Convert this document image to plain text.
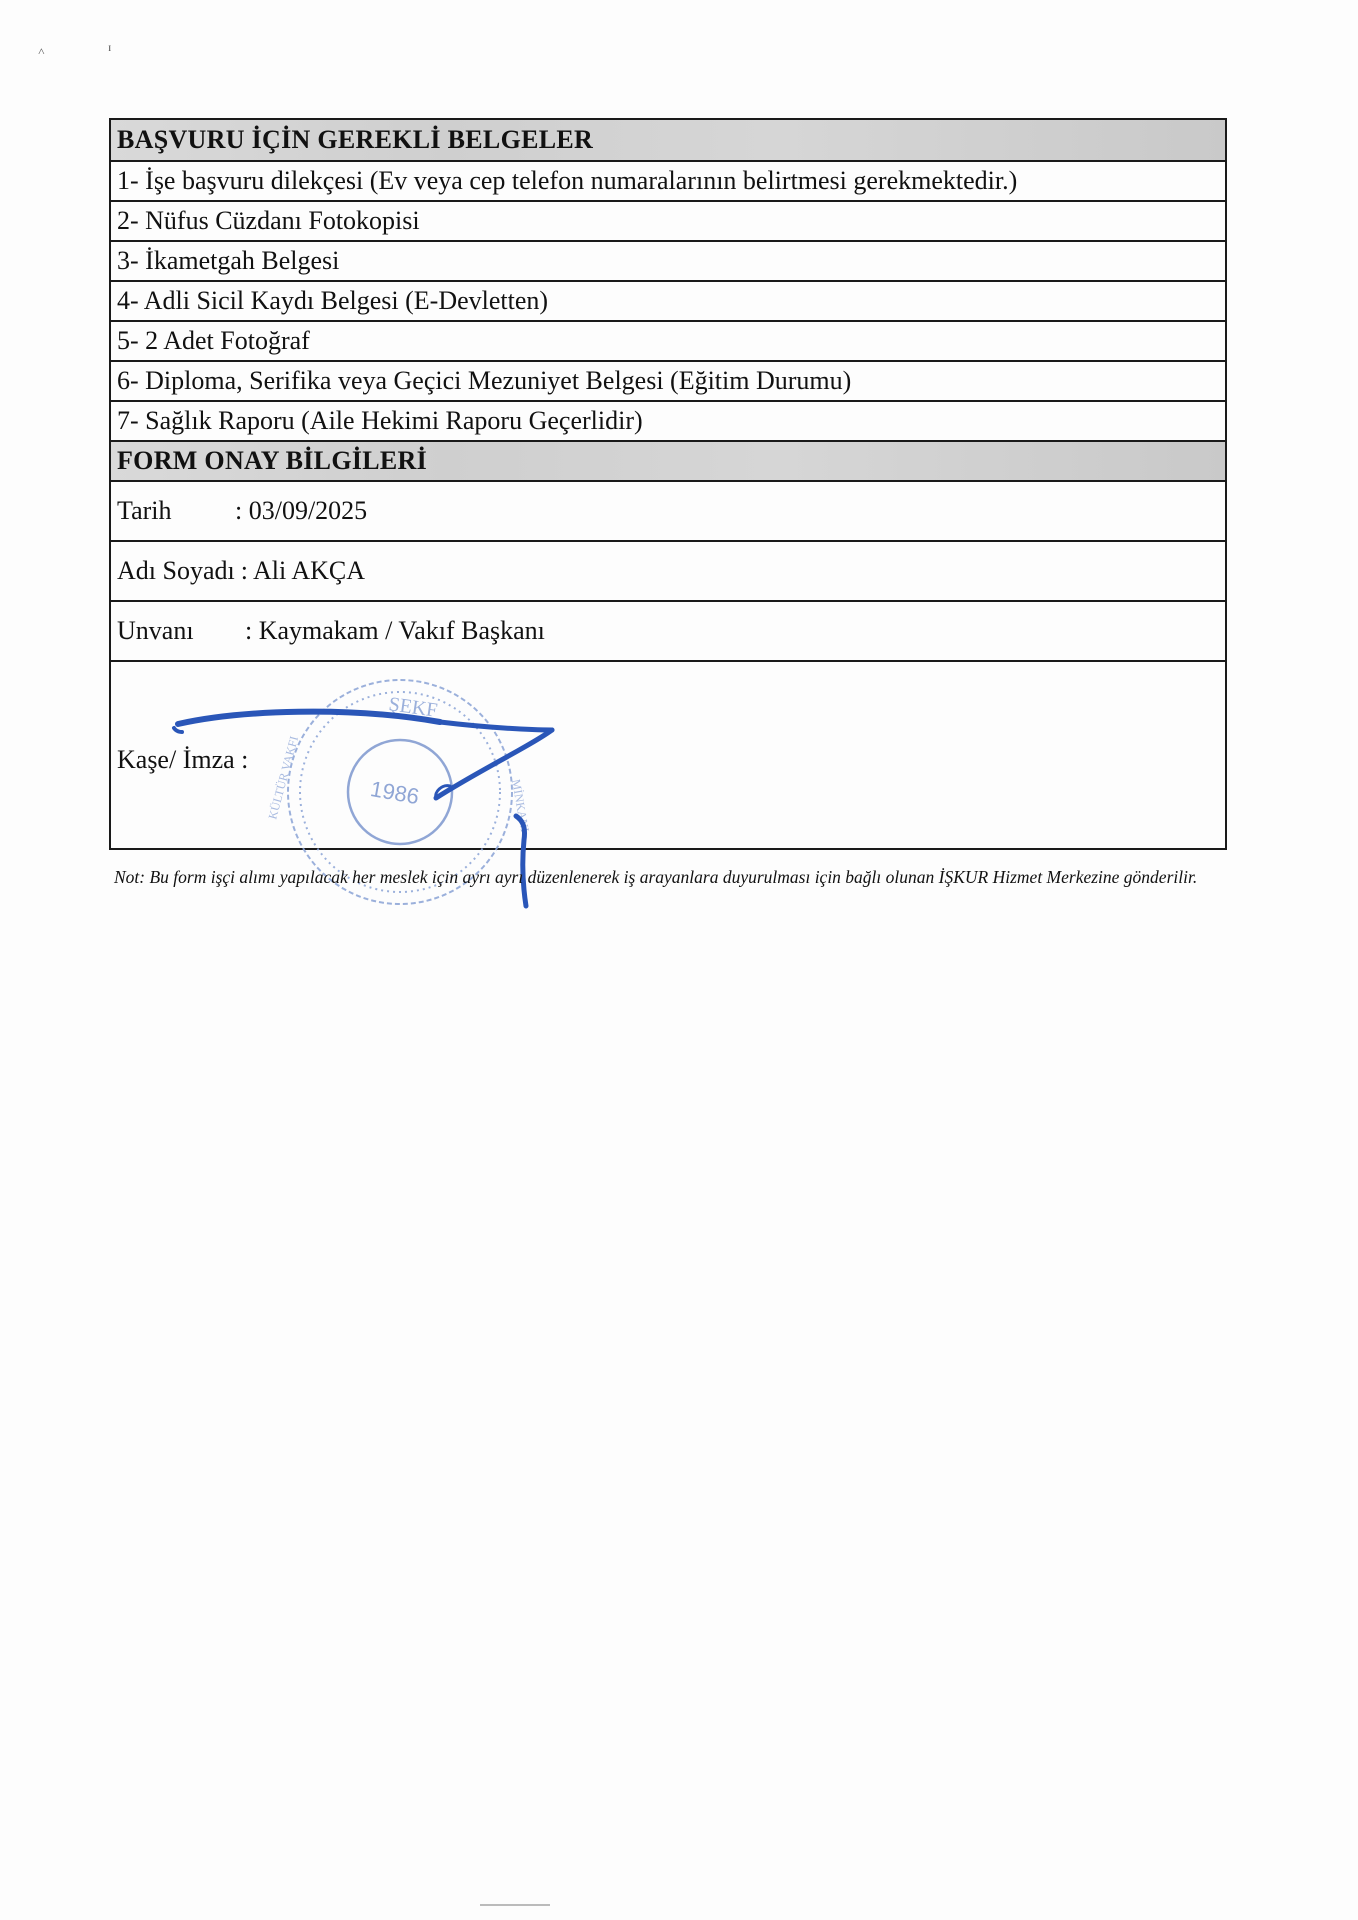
˄	ɪ
BAŞVURU İÇİN GEREKLİ BELGELER
1- İşe başvuru dilekçesi (Ev veya cep telefon numaralarının belirtmesi gerekmektedir.)
2- Nüfus Cüzdanı Fotokopisi
3- İkametgah Belgesi
4- Adli Sicil Kaydı Belgesi (E-Devletten)
5- 2 Adet Fotoğraf
6- Diploma, Serifika veya Geçici Mezuniyet Belgesi (Eğitim Durumu)
7- Sağlık Raporu (Aile Hekimi Raporu Geçerlidir)
FORM ONAY BİLGİLERİ
Tarih	: 03/09/2025
Adı Soyadı : Ali AKÇA
Unvanı	: Kaymakam / Vakıf Başkanı
Kaşe/ İmza :
ŞEKF
KÜLTÜR VAKFI	MİNKANI
1986
Not: Bu form işçi alımı yapılacak her meslek için ayrı ayrı düzenlenerek iş arayanlara duyurulması için bağlı olunan İŞKUR Hizmet Merkezine gönderilir.
